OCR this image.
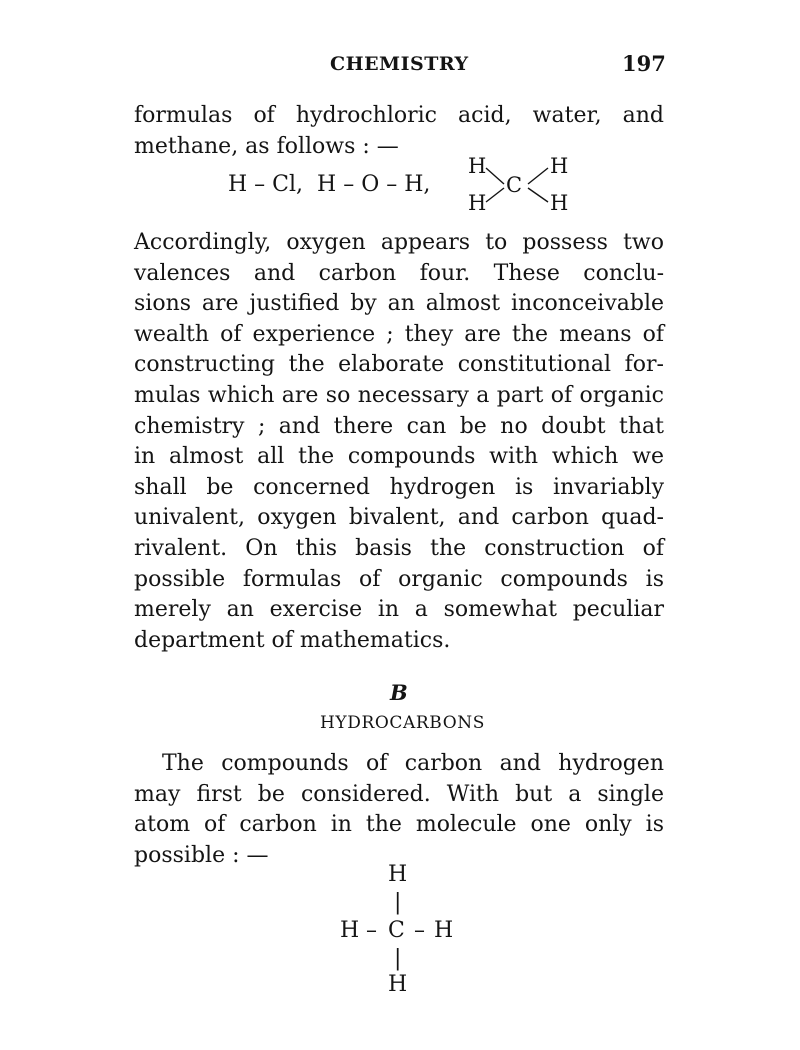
CHEMISTRY	197
formulas of hydrochloric acid, water, and
methane, as follows : —
H – Cl, H – O – H,
H
C
H
H	H
Accordingly, oxygen appears to possess two
valences and carbon four. These conclu-
sions are justified by an almost inconceivable
wealth of experience ; they are the means of
constructing the elaborate constitutional for-
mulas which are so necessary a part of organic
chemistry ; and there can be no doubt that
in almost all the compounds with which we
shall be concerned hydrogen is invariably
univalent, oxygen bivalent, and carbon quad-
rivalent. On this basis the construction of
possible formulas of organic compounds is
merely an exercise in a somewhat peculiar
department of mathematics.
B
HYDROCARBONS
The compounds of carbon and hydrogen
may first be considered. With but a single
atom of carbon in the molecule one only is
possible : —
H
|
H – C – H
|
H
